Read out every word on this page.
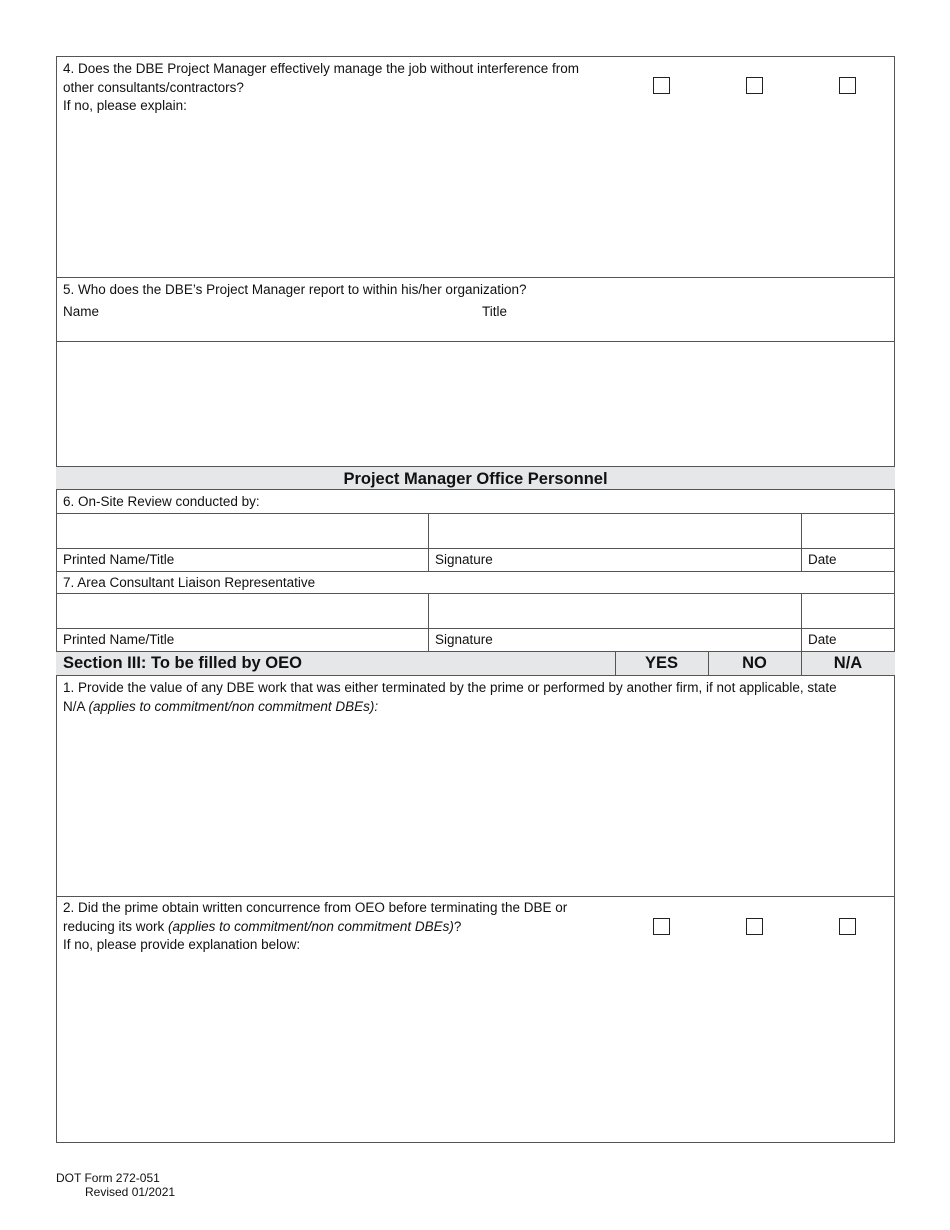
4. Does the DBE Project Manager effectively manage the job without interference from
other consultants/contractors?
If no, please explain:
5. Who does the DBE’s Project Manager report to within his/her organization?
Name	Title
Project Manager Office Personnel
6. On-Site Review conducted by:
Printed Name/Title	Signature	Date
7. Area Consultant Liaison Representative
Printed Name/Title	Signature	Date
Section III: To be filled by OEO	YES	NO	N/A
1. Provide the value of any DBE work that was either terminated by the prime or performed by another firm, if not applicable, state
N/A (applies to commitment/non commitment DBEs):
2. Did the prime obtain written concurrence from OEO before terminating the DBE or
reducing its work (applies to commitment/non commitment DBEs)?
If no, please provide explanation below:
DOT Form 272-051
Revised 01/2021
